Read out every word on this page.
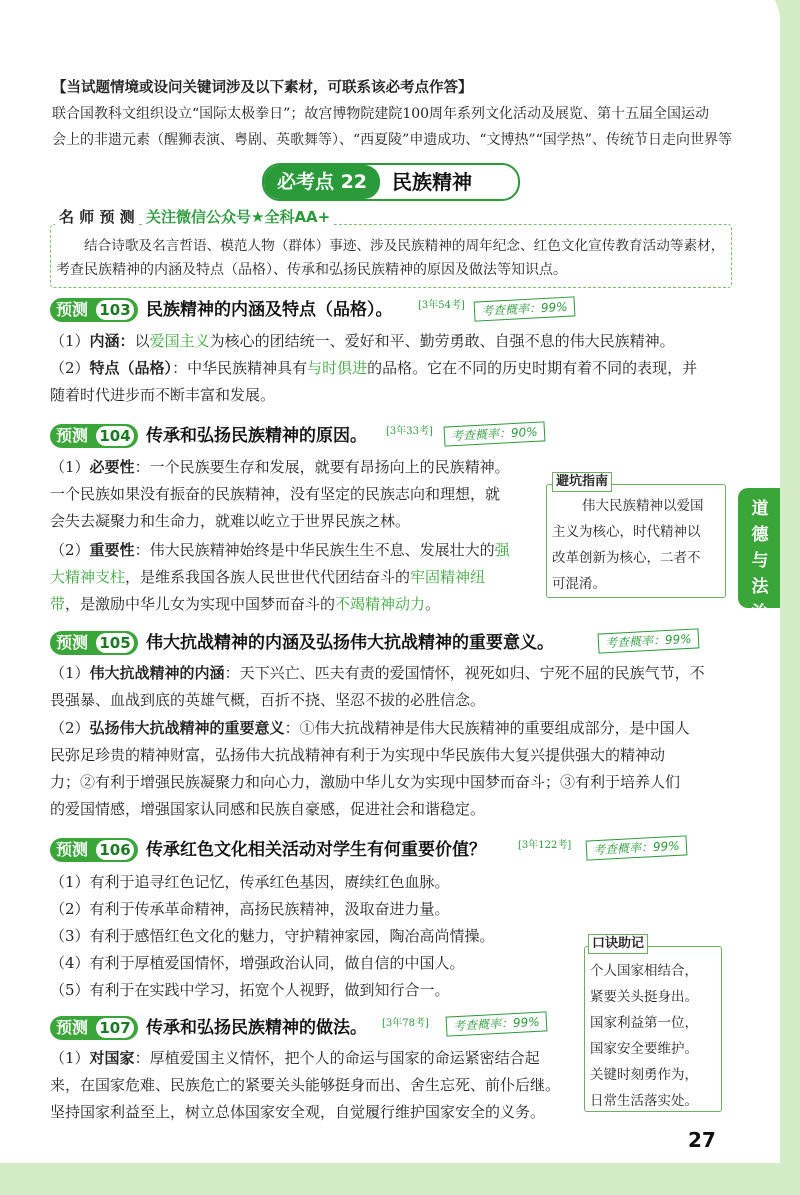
【当试题情境或设问关键词涉及以下素材，可联系该必考点作答】
联合国教科文组织设立“国际太极拳日”；故宫博物院建院100周年系列文化活动及展览、第十五届全国运动
会上的非遗元素（醒狮表演、粤剧、英歌舞等）、“西夏陵”申遗成功、“文博热”“国学热”、传统节日走向世界等
必考点 22	民族精神
名 师 预 测 关注微信公众号★全科AA+
结合诗歌及名言哲语、模范人物（群体）事迹、涉及民族精神的周年纪念、红色文化宣传教育活动等素材，
考查民族精神的内涵及特点（品格）、传承和弘扬民族精神的原因及做法等知识点。
预测 103 民族精神的内涵及特点（品格）。	[3年54考]	考查概率：99%
（1）内涵：以爱国主义为核心的团结统一、爱好和平、勤劳勇敢、自强不息的伟大民族精神。
（2）特点（品格）：中华民族精神具有与时俱进的品格。它在不同的历史时期有着不同的表现，并
随着时代进步而不断丰富和发展。
预测 104 传承和弘扬民族精神的原因。 [3年33考]	考查概率：90%
（1）必要性：一个民族要生存和发展，就要有昂扬向上的民族精神。
一个民族如果没有振奋的民族精神，没有坚定的民族志向和理想，就
会失去凝聚力和生命力，就难以屹立于世界民族之林。
（2）重要性：伟大民族精神始终是中华民族生生不息、发展壮大的强
大精神支柱，是维系我国各族人民世世代代团结奋斗的牢固精神纽
带，是激励中华儿女为实现中国梦而奋斗的不竭精神动力。
避坑指南
伟大民族精神以爱国
主义为核心，时代精神以
改革创新为核心，二者不
可混淆。
道德与法治
预测 105 伟大抗战精神的内涵及弘扬伟大抗战精神的重要意义。	考查概率：99%
（1）伟大抗战精神的内涵：天下兴亡、匹夫有责的爱国情怀，视死如归、宁死不屈的民族气节，不
畏强暴、血战到底的英雄气概，百折不挠、坚忍不拔的必胜信念。
（2）弘扬伟大抗战精神的重要意义：①伟大抗战精神是伟大民族精神的重要组成部分，是中国人
民弥足珍贵的精神财富，弘扬伟大抗战精神有利于为实现中华民族伟大复兴提供强大的精神动
力；②有利于增强民族凝聚力和向心力，激励中华儿女为实现中国梦而奋斗；③有利于培养人们
的爱国情感，增强国家认同感和民族自豪感，促进社会和谐稳定。
预测 106 传承红色文化相关活动对学生有何重要价值？	[3年122考]	考查概率：99%
（1）有利于追寻红色记忆，传承红色基因，赓续红色血脉。
（2）有利于传承革命精神，高扬民族精神，汲取奋进力量。
（3）有利于感悟红色文化的魅力，守护精神家园，陶冶高尚情操。
（4）有利于厚植爱国情怀，增强政治认同，做自信的中国人。
（5）有利于在实践中学习，拓宽个人视野，做到知行合一。
口诀助记
个人国家相结合，
紧要关头挺身出。
国家利益第一位，
国家安全要维护。
关键时刻勇作为，
日常生活落实处。
预测 107 传承和弘扬民族精神的做法。 [3年78考]	考查概率：99%
（1）对国家：厚植爱国主义情怀，把个人的命运与国家的命运紧密结合起
来，在国家危难、民族危亡的紧要关头能够挺身而出、舍生忘死、前仆后继。
坚持国家利益至上，树立总体国家安全观，自觉履行维护国家安全的义务。
27
